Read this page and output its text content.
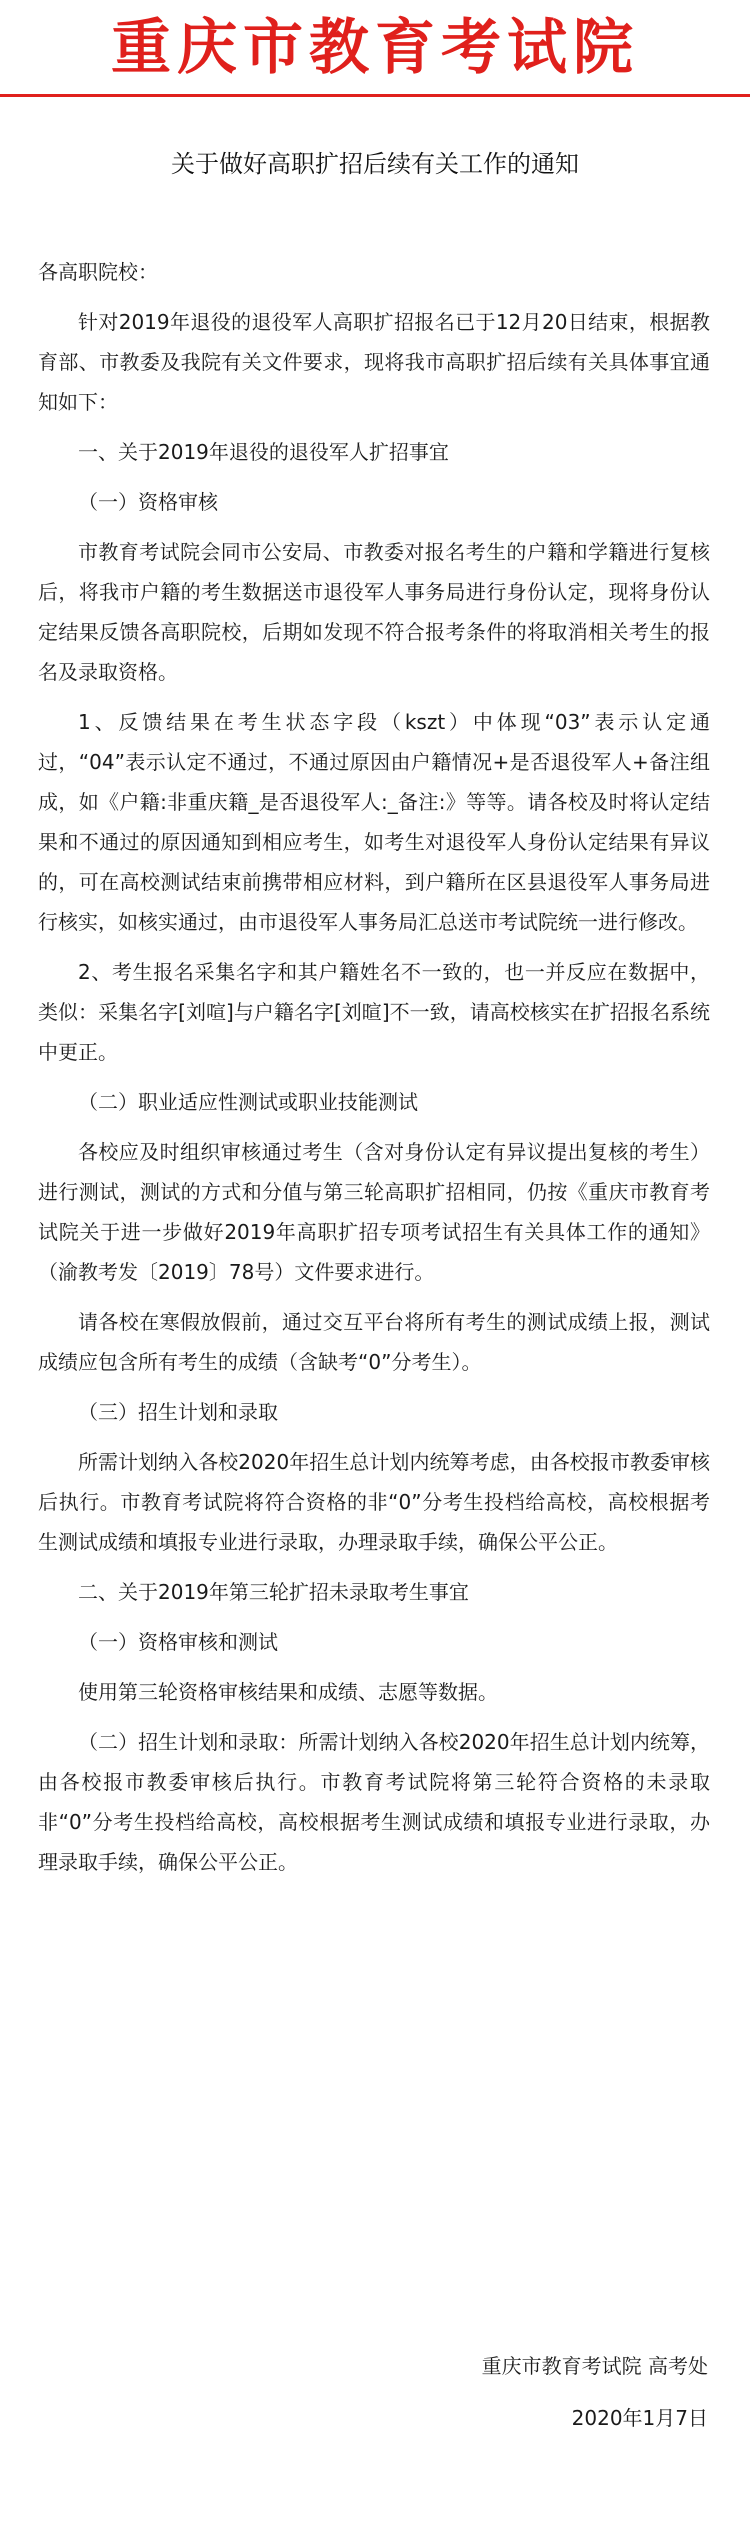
重庆市教育考试院
关于做好高职扩招后续有关工作的通知

各高职院校：

针对2019年退役的退役军人高职扩招报名已于12月20日结束，根据教育部、市教委及我院有关文件要求，现将我市高职扩招后续有关具体事宜通知如下：

一、关于2019年退役的退役军人扩招事宜

（一）资格审核

市教育考试院会同市公安局、市教委对报名考生的户籍和学籍进行复核后，将我市户籍的考生数据送市退役军人事务局进行身份认定，现将身份认定结果反馈各高职院校，后期如发现不符合报考条件的将取消相关考生的报名及录取资格。

1、反馈结果在考生状态字段（kszt）中体现“03”表示认定通过，“04”表示认定不通过，不通过原因由户籍情况+是否退役军人+备注组成，如《户籍:非重庆籍_是否退役军人:_备注:》等等。请各校及时将认定结果和不通过的原因通知到相应考生，如考生对退役军人身份认定结果有异议的，可在高校测试结束前携带相应材料，到户籍所在区县退役军人事务局进行核实，如核实通过，由市退役军人事务局汇总送市考试院统一进行修改。

2、考生报名采集名字和其户籍姓名不一致的，也一并反应在数据中，类似：采集名字[刘喧]与户籍名字[刘暄]不一致，请高校核实在扩招报名系统中更正。

（二）职业适应性测试或职业技能测试

各校应及时组织审核通过考生（含对身份认定有异议提出复核的考生）进行测试，测试的方式和分值与第三轮高职扩招相同，仍按《重庆市教育考试院关于进一步做好2019年高职扩招专项考试招生有关具体工作的通知》（渝教考发〔2019〕78号）文件要求进行。

请各校在寒假放假前，通过交互平台将所有考生的测试成绩上报，测试成绩应包含所有考生的成绩（含缺考“0”分考生）。

（三）招生计划和录取

所需计划纳入各校2020年招生总计划内统筹考虑，由各校报市教委审核后执行。市教育考试院将符合资格的非“0”分考生投档给高校，高校根据考生测试成绩和填报专业进行录取，办理录取手续，确保公平公正。

二、关于2019年第三轮扩招未录取考生事宜

（一）资格审核和测试

使用第三轮资格审核结果和成绩、志愿等数据。

（二）招生计划和录取：所需计划纳入各校2020年招生总计划内统筹，由各校报市教委审核后执行。市教育考试院将第三轮符合资格的未录取非“0”分考生投档给高校，高校根据考生测试成绩和填报专业进行录取，办理录取手续，确保公平公正。

重庆市教育考试院 高考处
2020年1月7日
